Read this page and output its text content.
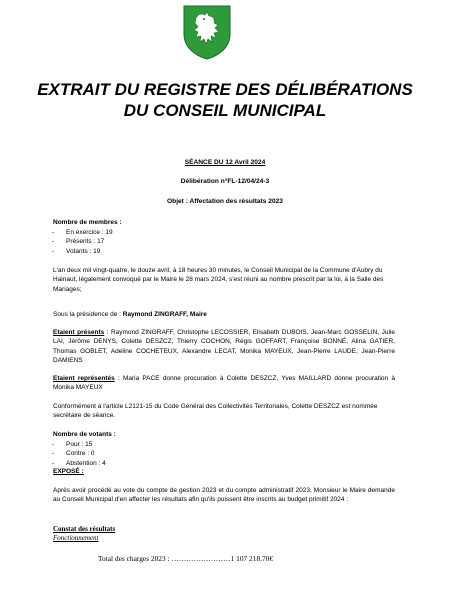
EXTRAIT DU REGISTRE DES DÉLIBÉRATIONS
DU CONSEIL MUNICIPAL
SÉANCE DU 12 Avril 2024
Délibération n°FL-12/04/24-3
Objet : Affectation des résultats 2023
Nombre de membres :
- En exercice : 19
- Présents : 17
- Votants : 19
L'an deux mil vingt-quatre, le douze avril, à 18 heures 30 minutes, le Conseil Municipal de la Commune d'Aubry du Hainaut, légalement convoqué par le Maire le 28 mars 2024, s'est réuni au nombre prescrit par la loi, à la Salle des Mariages;
Sous la présidence de : Raymond ZINGRAFF, Maire
Etaient présents : Raymond ZINGRAFF, Christophe LECOSSIER, Elisabeth DUBOIS, Jean-Marc GOSSELIN, Julie LAI, Jérôme DENYS, Colette DESZCZ, Thierry COCHON, Régis GOFFART, Françoise BONNÉ, Alina GATIER, Thomas GOBLET, Adeline COCHETEUX, Alexandre LECAT, Monika MAYEUX, Jean-Pierre LAUDE, Jean-Pierre DAMIENS
Etaient représentés : Maria PACE donne procuration à Colette DESZCZ, Yves MAILLARD donne procuration à Monika MAYEUX
Conformément à l'article L2121-15 du Code Général des Collectivités Territoriales, Colette DESZCZ est nommée secrétaire de séance.
Nombre de votants :
- Pour : 15
- Contre : 0
- Abstention : 4
EXPOSÉ :
Après avoir procédé au vote du compte de gestion 2023 et du compte administratif 2023, Monsieur le Maire demande au Conseil Municipal d'en affecter les résultats afin qu'ils puissent être inscrits au budget primitif 2024 :
Constat des résultats
Fonctionnement
Total des charges 2023 : ……………………1 107 218.70€
